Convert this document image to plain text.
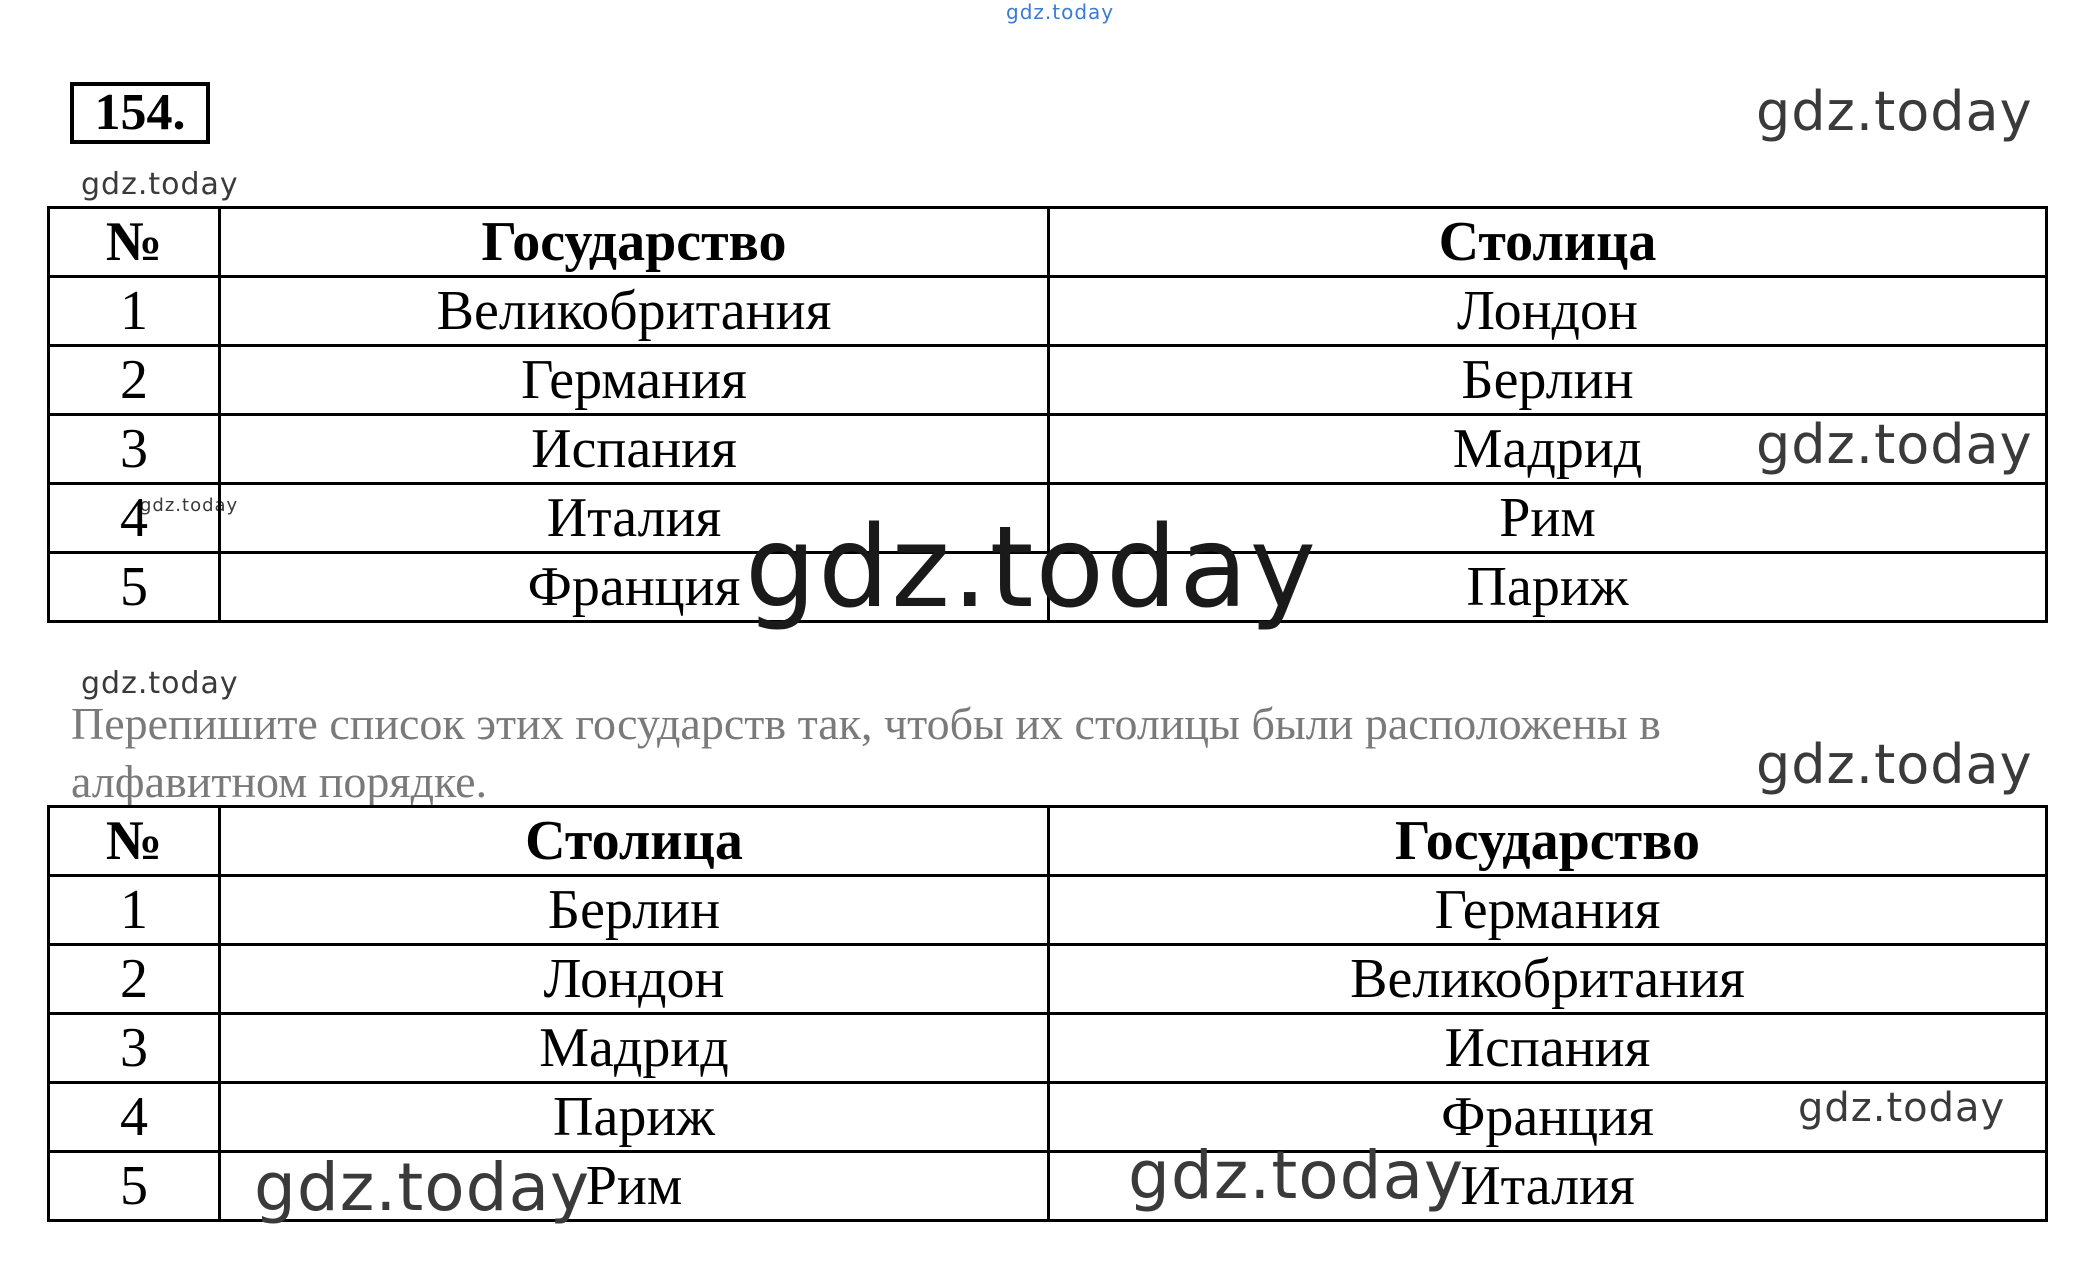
gdz.today
gdz.today
gdz.today
gdz.today
gdz.today
gdz.today
gdz.today
gdz.today
154.
№	Государство	Столица
1	Великобритания	Лондон
2	Германия	Берлин
3	Испания	Мадрид
4	Италия	Рим
5	Франция	Париж
gdz.today
Перепишите список этих государств так, чтобы их столицы были расположены в алфавитном порядке.
№	Столица	Государство
1	Берлин	Германия
2	Лондон	Великобритания
3	Мадрид	Испания
4	Париж	Франция
5	Рим	Италия
gdz.today	gdz.today
